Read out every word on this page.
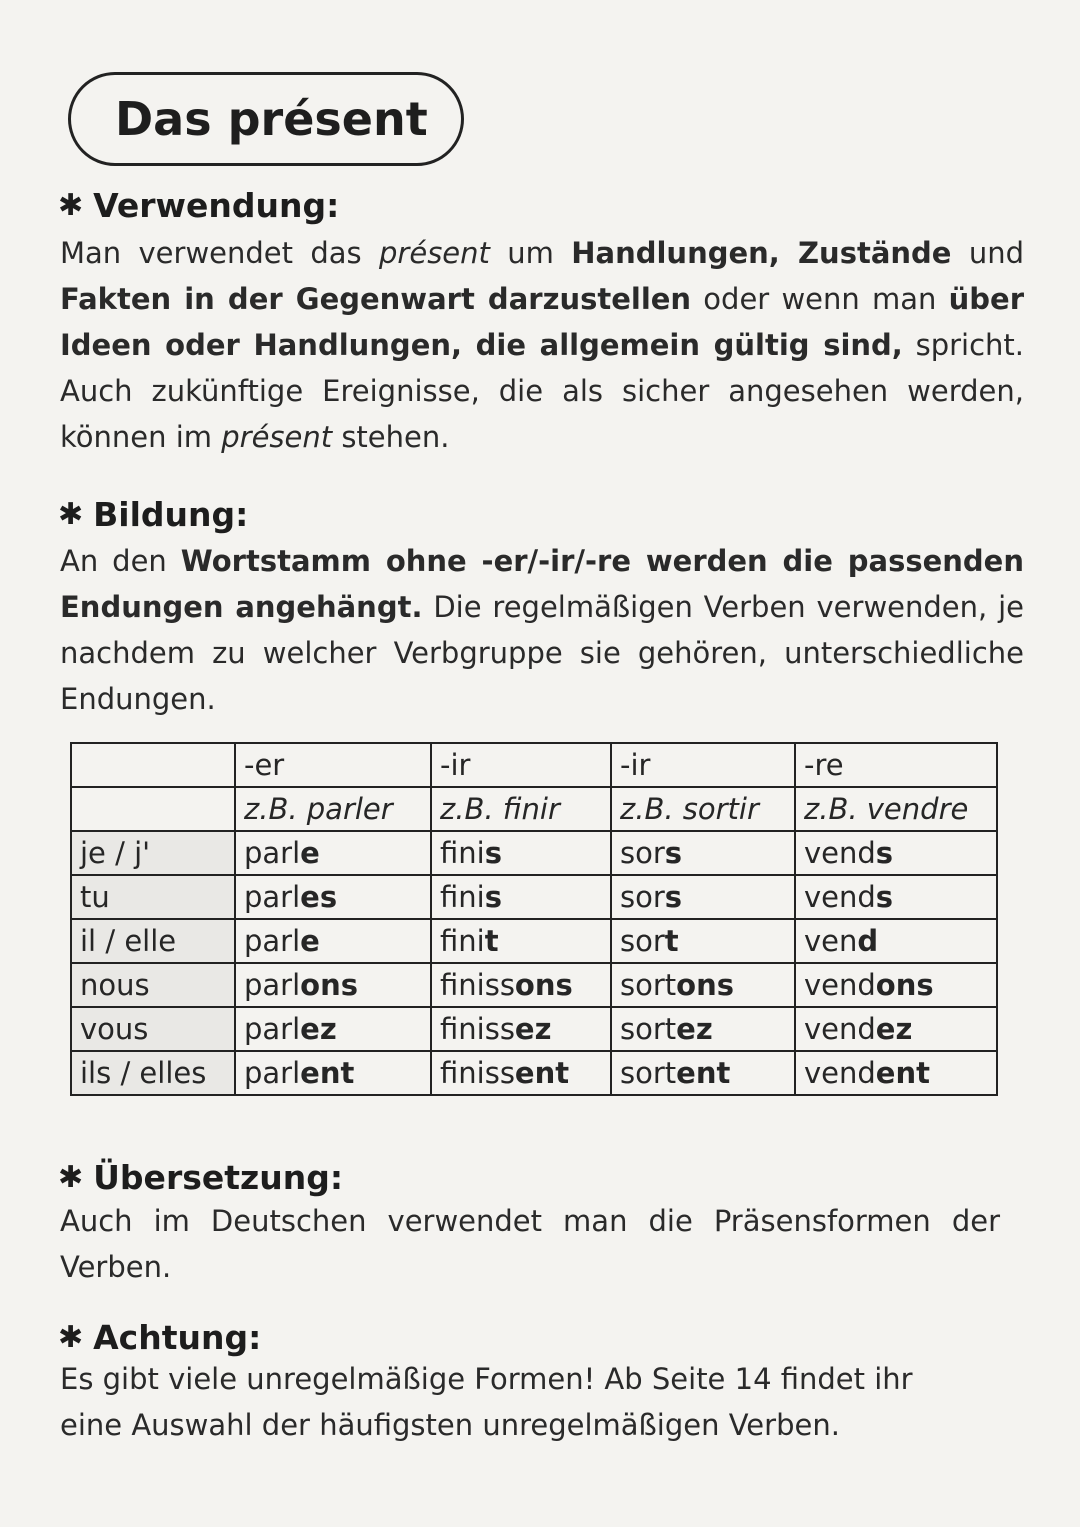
Das présent
✱ Verwendung:
Man verwendet das présent um Handlungen, Zustände und Fakten in der Gegenwart darzustellen oder wenn man über Ideen oder Handlungen, die allgemein gültig sind, spricht. Auch zukünftige Ereignisse, die als sicher angesehen werden, können im présent stehen.
✱ Bildung:
An den Wortstamm ohne -er/-ir/-re werden die passenden Endungen angehängt. Die regelmäßigen Verben verwenden, je nachdem zu welcher Verbgruppe sie gehören, unterschiedliche Endungen.
	-er	-ir	-ir	-re
	z.B. parler	z.B. finir	z.B. sortir	z.B. vendre
je / j'	parle	finis	sors	vends
tu	parles	finis	sors	vends
il / elle	parle	finit	sort	vend
nous	parlons	finissons	sortons	vendons
vous	parlez	finissez	sortez	vendez
ils / elles	parlent	finissent	sortent	vendent
✱ Übersetzung:
Auch im Deutschen verwendet man die Präsensformen der Verben.
✱ Achtung:
Es gibt viele unregelmäßige Formen! Ab Seite 14 findet ihr eine Auswahl der häufigsten unregelmäßigen Verben.
